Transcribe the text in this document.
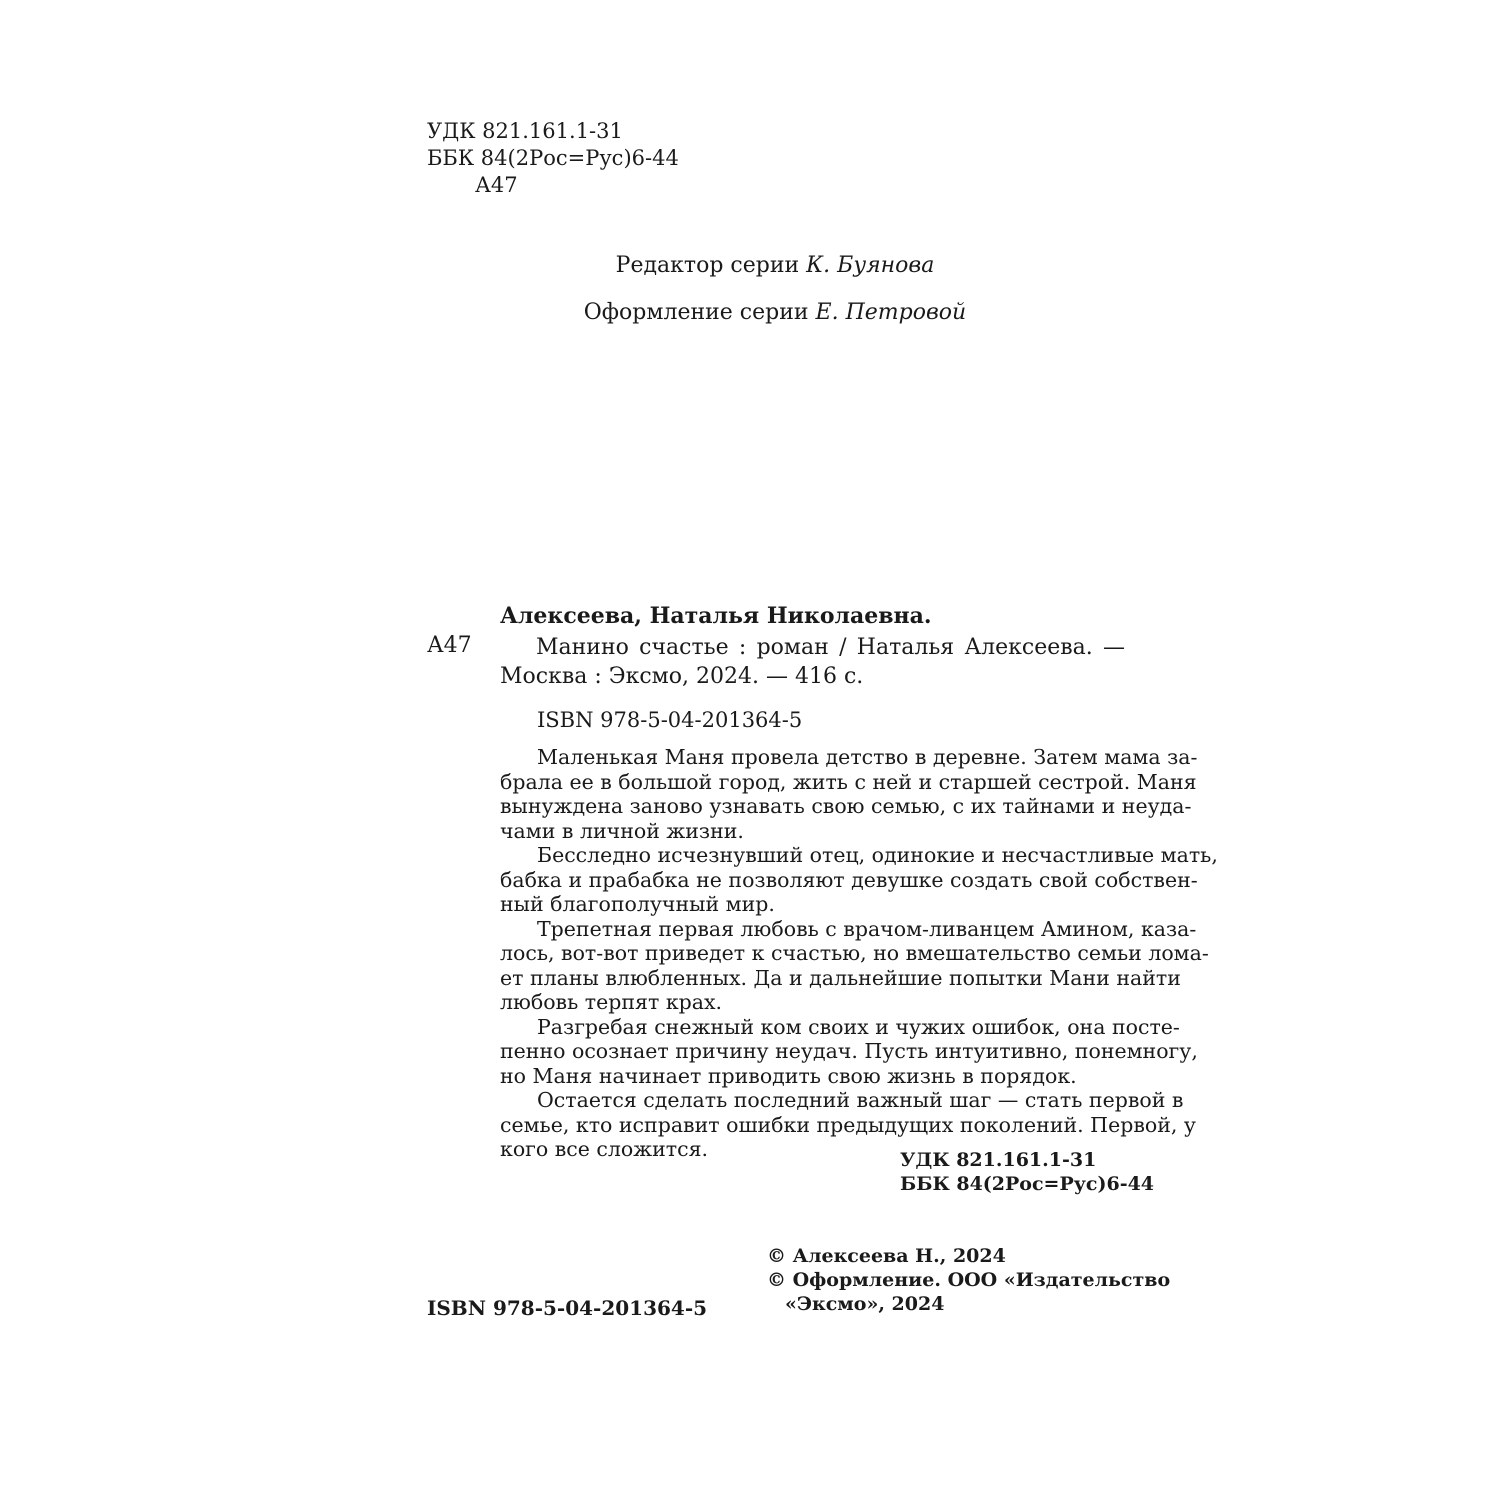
УДК 821.161.1-31
ББК 84(2Рос=Рус)6-44
А47
Редактор серии К. Буянова
Оформление серии Е. Петровой
Алексеева, Наталья Николаевна.
А47	Манино счастье : роман / Наталья Алексеева. —
Москва : Эксмо, 2024. — 416 с.
ISBN 978-5-04-201364-5

Маленькая Маня провела детство в деревне. Затем мама за-
брала ее в большой город, жить с ней и старшей сестрой. Маня
вынуждена заново узнавать свою семью, с их тайнами и неуда-
чами в личной жизни.

Бесследно исчезнувший отец, одинокие и несчастливые мать,
бабка и прабабка не позволяют девушке создать свой собствен-
ный благополучный мир.

Трепетная первая любовь с врачом-ливанцем Амином, каза-
лось, вот-вот приведет к счастью, но вмешательство семьи лома-
ет планы влюбленных. Да и дальнейшие попытки Мани найти
любовь терпят крах.

Разгребая снежный ком своих и чужих ошибок, она посте-
пенно осознает причину неудач. Пусть интуитивно, понемногу,
но Маня начинает приводить свою жизнь в порядок.

Остается сделать последний важный шаг — стать первой в
семье, кто исправит ошибки предыдущих поколений. Первой, у
кого все сложится.	УДК 821.161.1-31
ББК 84(2Рос=Рус)6-44
© Алексеева Н., 2024
© Оформление. ООО «Издательство
«Эксмо», 2024
ISBN 978-5-04-201364-5
